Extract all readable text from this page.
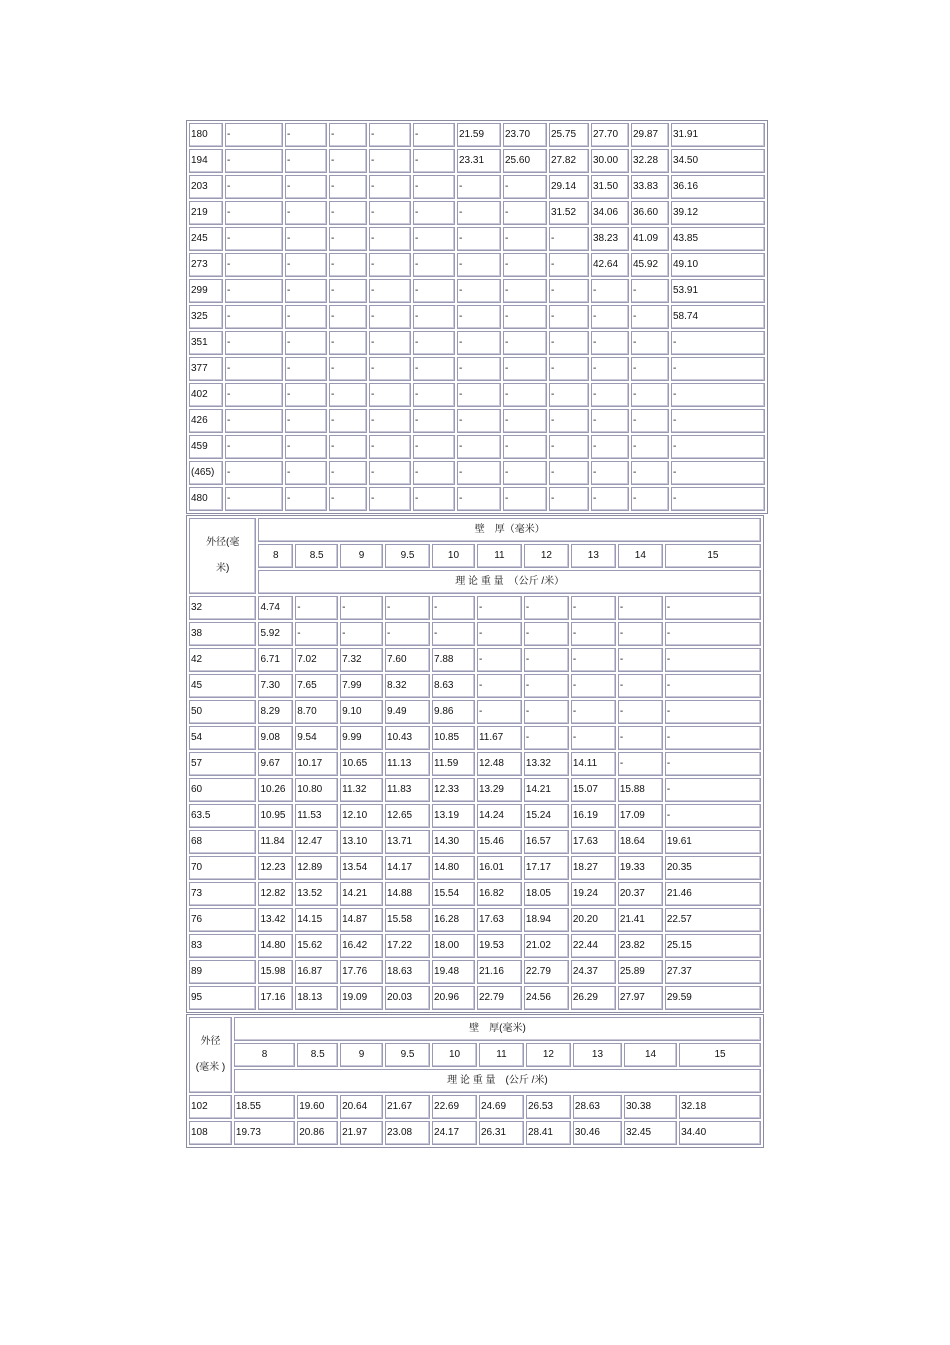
180	-	-	-	-	-	21.59	23.70	25.75	27.70	29.87	31.91
194	-	-	-	-	-	23.31	25.60	27.82	30.00	32.28	34.50
203	-	-	-	-	-	-	-	29.14	31.50	33.83	36.16
219	-	-	-	-	-	-	-	31.52	34.06	36.60	39.12
245	-	-	-	-	-	-	-	-	38.23	41.09	43.85
273	-	-	-	-	-	-	-	-	42.64	45.92	49.10
299	-	-	-	-	-	-	-	-	-	-	53.91
325	-	-	-	-	-	-	-	-	-	-	58.74
351	-	-	-	-	-	-	-	-	-	-	-
377	-	-	-	-	-	-	-	-	-	-	-
402	-	-	-	-	-	-	-	-	-	-	-
426	-	-	-	-	-	-	-	-	-	-	-
459	-	-	-	-	-	-	-	-	-	-	-
(465)	-	-	-	-	-	-	-	-	-	-	-
480	-	-	-	-	-	-	-	-	-	-	-
外径(毫
米)	壁　厚（毫米）									
	8	8.5	9	9.5	10	11	12	13	14	15
	理 论 重 量　（公斤 /米）									
32	4.74	-	-	-	-	-	-	-	-	-
38	5.92	-	-	-	-	-	-	-	-	-
42	6.71	7.02	7.32	7.60	7.88	-	-	-	-	-
45	7.30	7.65	7.99	8.32	8.63	-	-	-	-	-
50	8.29	8.70	9.10	9.49	9.86	-	-	-	-	-
54	9.08	9.54	9.99	10.43	10.85	11.67	-	-	-	-
57	9.67	10.17	10.65	11.13	11.59	12.48	13.32	14.11	-	-
60	10.26	10.80	11.32	11.83	12.33	13.29	14.21	15.07	15.88	-
63.5	10.95	11.53	12.10	12.65	13.19	14.24	15.24	16.19	17.09	-
68	11.84	12.47	13.10	13.71	14.30	15.46	16.57	17.63	18.64	19.61
70	12.23	12.89	13.54	14.17	14.80	16.01	17.17	18.27	19.33	20.35
73	12.82	13.52	14.21	14.88	15.54	16.82	18.05	19.24	20.37	21.46
76	13.42	14.15	14.87	15.58	16.28	17.63	18.94	20.20	21.41	22.57
83	14.80	15.62	16.42	17.22	18.00	19.53	21.02	22.44	23.82	25.15
89	15.98	16.87	17.76	18.63	19.48	21.16	22.79	24.37	25.89	27.37
95	17.16	18.13	19.09	20.03	20.96	22.79	24.56	26.29	27.97	29.59
外径
(毫米 )	壁　厚(毫米)									
	8	8.5	9	9.5	10	11	12	13	14	15
	理 论 重 量　(公斤 /米)									
102	18.55	19.60	20.64	21.67	22.69	24.69	26.53	28.63	30.38	32.18
108	19.73	20.86	21.97	23.08	24.17	26.31	28.41	30.46	32.45	34.40
